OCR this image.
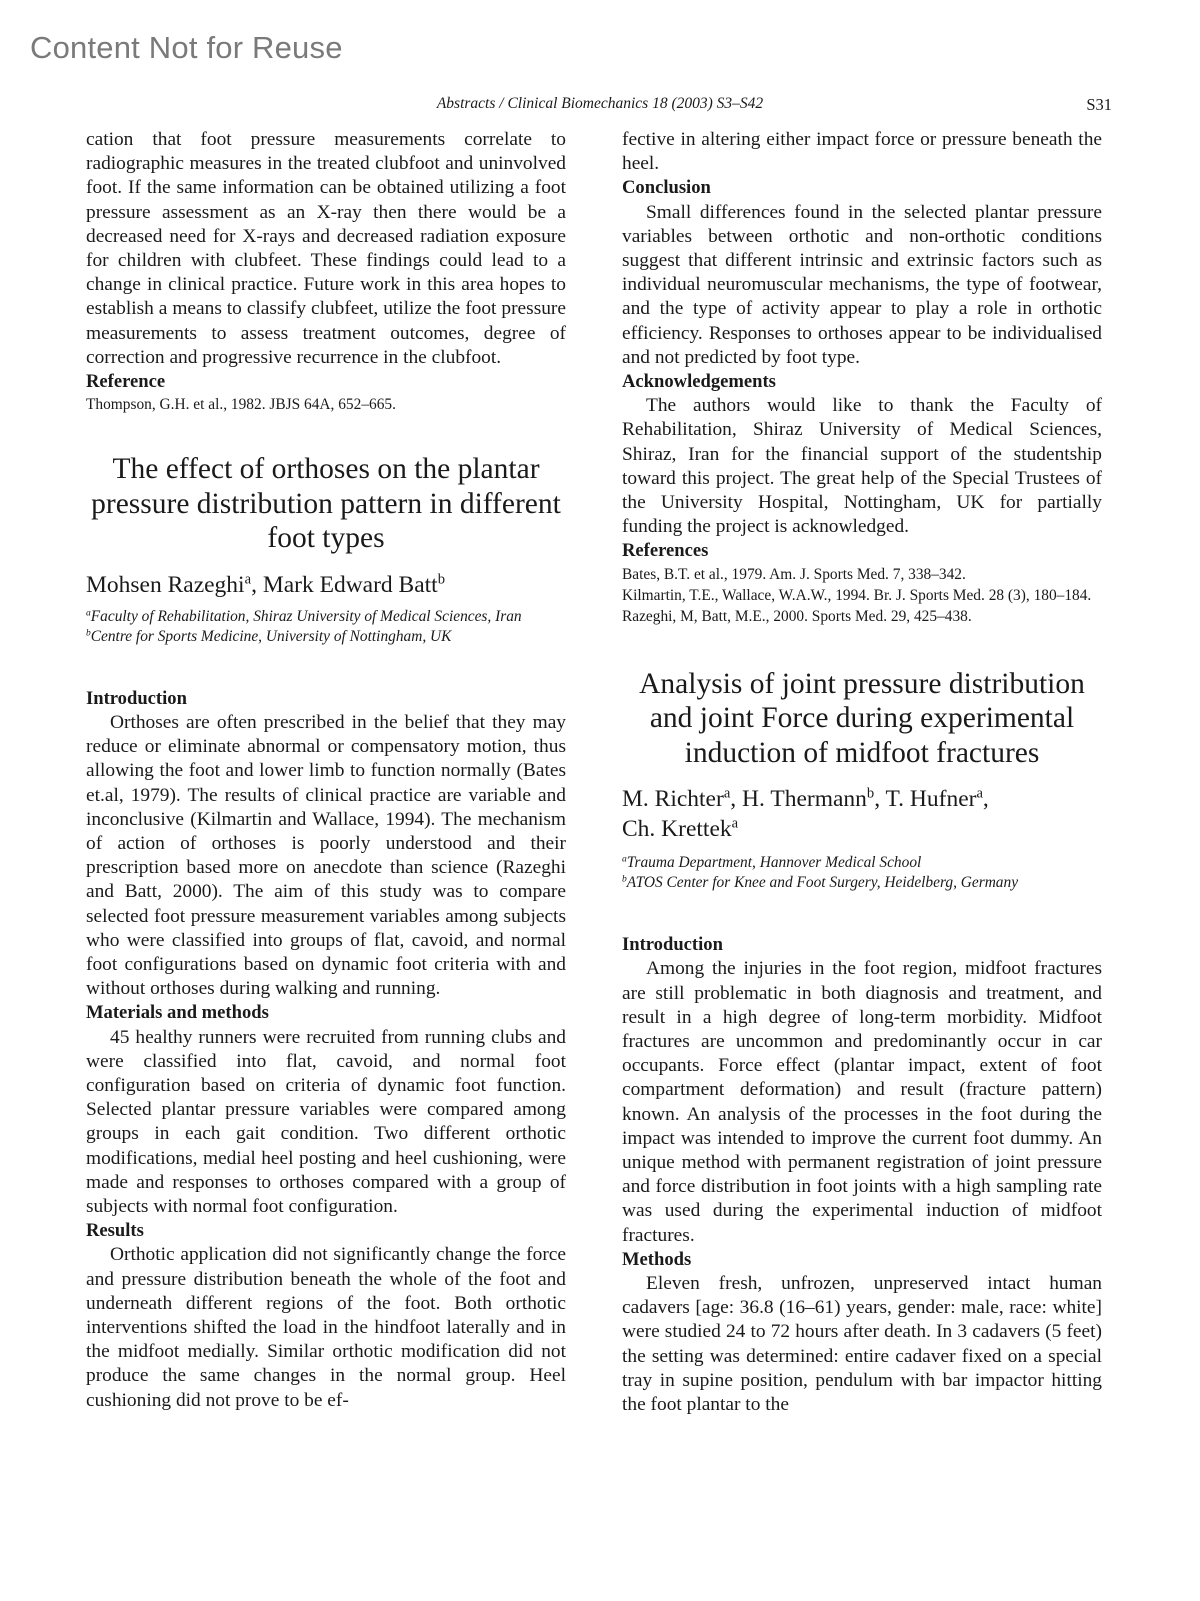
Content Not for Reuse
Abstracts / Clinical Biomechanics 18 (2003) S3–S42	S31

cation that foot pressure measurements correlate to radiographic measures in the treated clubfoot and uninvolved foot. If the same information can be obtained utilizing a foot pressure assessment as an X-ray then there would be a decreased need for X-rays and decreased radiation exposure for children with clubfeet. These findings could lead to a change in clinical practice. Future work in this area hopes to establish a means to classify clubfeet, utilize the foot pressure measurements to assess treatment outcomes, degree of correction and progressive recurrence in the clubfoot.

Reference
Thompson, G.H. et al., 1982. JBJS 64A, 652–665.
The effect of orthoses on the plantar pressure distribution pattern in different foot types

Mohsen Razeghi$^a$, Mark Edward Batt$^b$

$^a$Faculty of Rehabilitation, Shiraz University of Medical Sciences, Iran

$^b$Centre for Sports Medicine, University of Nottingham, UK

Introduction

Orthoses are often prescribed in the belief that they may reduce or eliminate abnormal or compensatory motion, thus allowing the foot and lower limb to function normally (Bates et.al, 1979). The results of clinical practice are variable and inconclusive (Kilmartin and Wallace, 1994). The mechanism of action of orthoses is poorly understood and their prescription based more on anecdote than science (Razeghi and Batt, 2000). The aim of this study was to compare selected foot pressure measurement variables among subjects who were classified into groups of flat, cavoid, and normal foot configurations based on dynamic foot criteria with and without orthoses during walking and running.

Materials and methods

45 healthy runners were recruited from running clubs and were classified into flat, cavoid, and normal foot configuration based on criteria of dynamic foot function. Selected plantar pressure variables were compared among groups in each gait condition. Two different orthotic modifications, medial heel posting and heel cushioning, were made and responses to orthoses compared with a group of subjects with normal foot configuration.

Results

Orthotic application did not significantly change the force and pressure distribution beneath the whole of the foot and underneath different regions of the foot. Both orthotic interventions shifted the load in the hindfoot laterally and in the midfoot medially. Similar orthotic modification did not produce the same changes in the normal group. Heel cushioning did not prove to be ef-

fective in altering either impact force or pressure beneath the heel.

Conclusion

Small differences found in the selected plantar pressure variables between orthotic and non-orthotic conditions suggest that different intrinsic and extrinsic factors such as individual neuromuscular mechanisms, the type of footwear, and the type of activity appear to play a role in orthotic efficiency. Responses to orthoses appear to be individualised and not predicted by foot type.

Acknowledgements

The authors would like to thank the Faculty of Rehabilitation, Shiraz University of Medical Sciences, Shiraz, Iran for the financial support of the studentship toward this project. The great help of the Special Trustees of the University Hospital, Nottingham, UK for partially funding the project is acknowledged.

References
Bates, B.T. et al., 1979. Am. J. Sports Med. 7, 338–342.
Kilmartin, T.E., Wallace, W.A.W., 1994. Br. J. Sports Med. 28 (3), 180–184.
Razeghi, M, Batt, M.E., 2000. Sports Med. 29, 425–438.
Analysis of joint pressure distribution and joint Force during experimental induction of midfoot fractures

M. Richter$^a$, H. Thermann$^b$, T. Hufner$^a$,
Ch. Krettek$^a$

$^a$Trauma Department, Hannover Medical School

$^b$ATOS Center for Knee and Foot Surgery, Heidelberg, Germany

Introduction

Among the injuries in the foot region, midfoot fractures are still problematic in both diagnosis and treatment, and result in a high degree of long-term morbidity. Midfoot fractures are uncommon and predominantly occur in car occupants. Force effect (plantar impact, extent of foot compartment deformation) and result (fracture pattern) known. An analysis of the processes in the foot during the impact was intended to improve the current foot dummy. An unique method with permanent registration of joint pressure and force distribution in foot joints with a high sampling rate was used during the experimental induction of midfoot fractures.

Methods

Eleven fresh, unfrozen, unpreserved intact human cadavers [age: 36.8 (16–61) years, gender: male, race: white] were studied 24 to 72 hours after death. In 3 cadavers (5 feet) the setting was determined: entire cadaver fixed on a special tray in supine position, pendulum with bar impactor hitting the foot plantar to the
